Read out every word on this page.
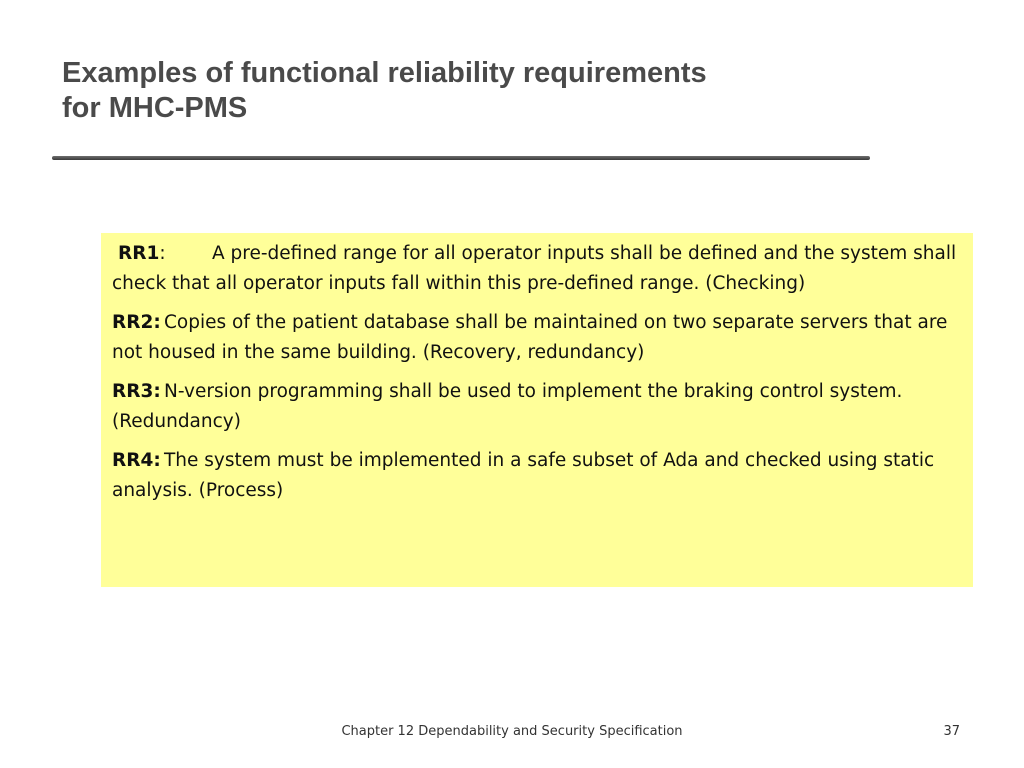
Examples of functional reliability requirements
for MHC-PMS
RR1:	A pre-defined range for all operator inputs shall be defined and the system shall check that all operator inputs fall within this pre-defined range. (Checking)
RR2: Copies of the patient database shall be maintained on two separate servers that are not housed in the same building. (Recovery, redundancy)
RR3: N-version programming shall be used to implement the braking control system. (Redundancy)
RR4: The system must be implemented in a safe subset of Ada and checked using static analysis. (Process)
Chapter 12 Dependability and Security Specification	37
